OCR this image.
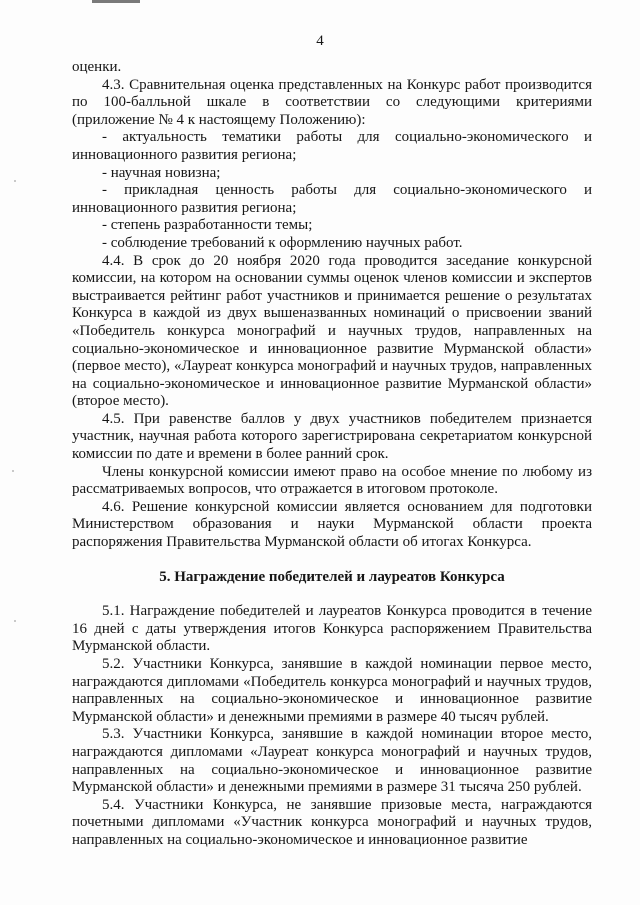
4

оценки.

4.3. Сравнительная оценка представленных на Конкурс работ производится по 100-балльной шкале в соответствии со следующими критериями (приложение № 4 к настоящему Положению):

- актуальность тематики работы для социально-экономического и инновационного развития региона;

- научная новизна;

- прикладная ценность работы для социально-экономического и инновационного развития региона;

- степень разработанности темы;

- соблюдение требований к оформлению научных работ.

4.4. В срок до 20 ноября 2020 года проводится заседание конкурсной комиссии, на котором на основании суммы оценок членов комиссии и экспертов выстраивается рейтинг работ участников и принимается решение о результатах Конкурса в каждой из двух вышеназванных номинаций о присвоении званий «Победитель конкурса монографий и научных трудов, направленных на социально-экономическое и инновационное развитие Мурманской области» (первое место), «Лауреат конкурса монографий и научных трудов, направленных на социально-экономическое и инновационное развитие Мурманской области» (второе место).

4.5. При равенстве баллов у двух участников победителем признается участник, научная работа которого зарегистрирована секретариатом конкурсной комиссии по дате и времени в более ранний срок.

Члены конкурсной комиссии имеют право на особое мнение по любому из рассматриваемых вопросов, что отражается в итоговом протоколе.

4.6. Решение конкурсной комиссии является основанием для подготовки Министерством образования и науки Мурманской области проекта распоряжения Правительства Мурманской области об итогах Конкурса.

5. Награждение победителей и лауреатов Конкурса

5.1. Награждение победителей и лауреатов Конкурса проводится в течение 16 дней с даты утверждения итогов Конкурса распоряжением Правительства Мурманской области.

5.2. Участники Конкурса, занявшие в каждой номинации первое место, награждаются дипломами «Победитель конкурса монографий и научных трудов, направленных на социально-экономическое и инновационное развитие Мурманской области» и денежными премиями в размере 40 тысяч рублей.

5.3. Участники Конкурса, занявшие в каждой номинации второе место, награждаются дипломами «Лауреат конкурса монографий и научных трудов, направленных на социально-экономическое и инновационное развитие Мурманской области» и денежными премиями в размере 31 тысяча 250 рублей.

5.4. Участники Конкурса, не занявшие призовые места, награждаются почетными дипломами «Участник конкурса монографий и научных трудов, направленных на социально-экономическое и инновационное развитие
